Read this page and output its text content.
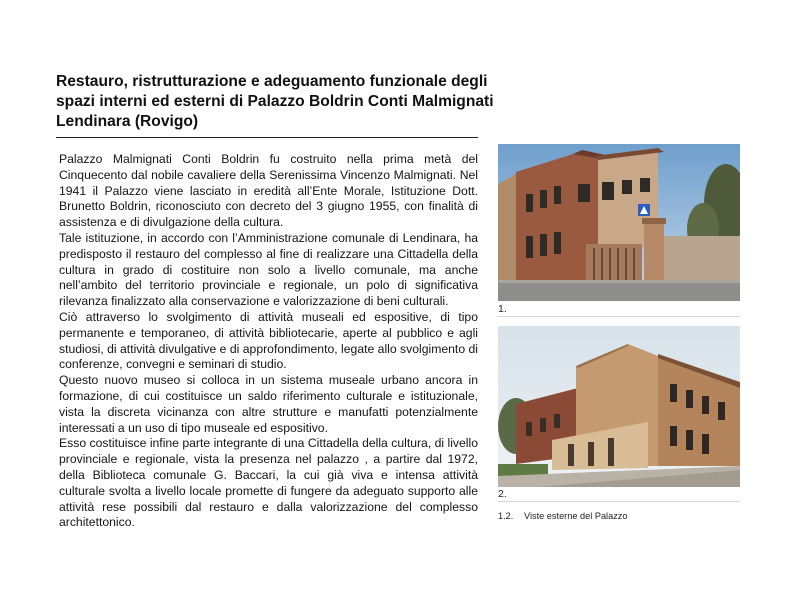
Restauro, ristrutturazione e adeguamento funzionale degli
spazi interni ed esterni di Palazzo Boldrin Conti Malmignati
Lendinara (Rovigo)

Palazzo Malmignati Conti Boldrin fu costruito nella prima metà del Cinquecento dal nobile cavaliere della Serenissima Vincenzo Malmignati. Nel 1941 il Palazzo viene lasciato in eredità all’Ente Morale, Istituzione Dott. Brunetto Boldrin, riconosciuto con decreto del 3 giugno 1955, con finalità di assistenza e di divulgazione della cultura.

Tale istituzione, in accordo con l’Amministrazione comunale di Lendinara, ha predisposto il restauro del complesso al fine di realizzare una Cittadella della cultura in grado di costituire non solo a livello comunale, ma anche nell’ambito del territorio provinciale e regionale, un polo di significativa rilevanza finalizzato alla conservazione e valorizzazione di beni culturali.

Ciò attraverso lo svolgimento di attività museali ed espositive, di tipo permanente e temporaneo, di attività bibliotecarie, aperte al pubblico e agli studiosi, di attività divulgative e di approfondimento, legate allo svolgimento di conferenze, convegni e seminari di studio.

Questo nuovo museo si colloca in un sistema museale urbano ancora in formazione, di cui costituisce un saldo riferimento culturale e istituzionale, vista la discreta vicinanza con altre strutture e manufatti potenzialmente interessati a un uso di tipo museale ed espositivo.

Esso costituisce infine parte integrante di una Cittadella della cultura, di livello provinciale e regionale, vista la presenza nel palazzo , a partire dal 1972, della Biblioteca comunale G. Baccari, la cui già viva e intensa attività culturale svolta a livello locale promette di fungere da adeguato supporto alle attività rese possibili dal restauro e dalla valorizzazione del complesso architettonico.

1.
2.
1.2. Viste esterne del Palazzo
